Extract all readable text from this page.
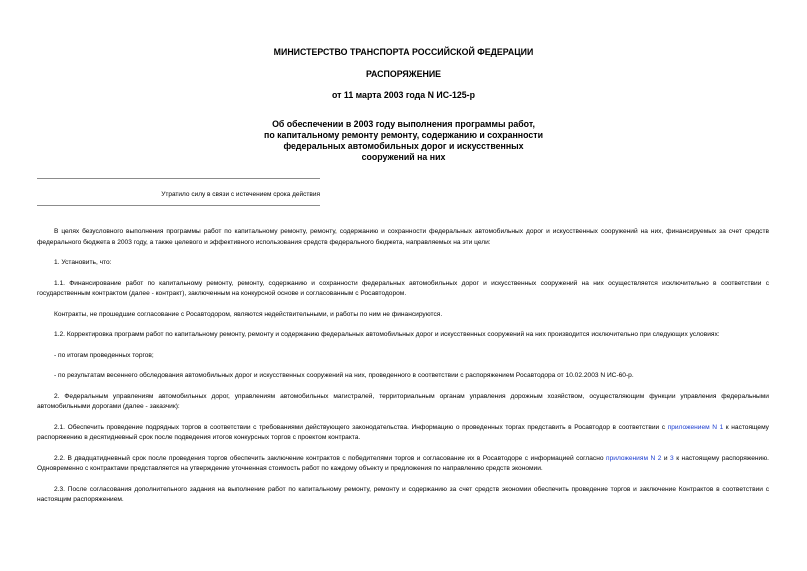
МИНИСТЕРСТВО ТРАНСПОРТА РОССИЙСКОЙ ФЕДЕРАЦИИ
РАСПОРЯЖЕНИЕ
от 11 марта 2003 года N ИС-125-р
Об обеспечении в 2003 году выполнения программы работ,
по капитальному ремонту ремонту, содержанию и сохранности
федеральных автомобильных дорог и искусственных
сооружений на них
Утратило силу в связи с истечением срока действия

В целях безусловного выполнения программы работ по капитальному ремонту, ремонту, содержанию и сохранности федеральных автомобильных дорог и искусственных сооружений на них, финансируемых за счет средств федерального бюджета в 2003 году, а также целевого и эффективного использования средств федерального бюджета, направляемых на эти цели:

1. Установить, что:

1.1. Финансирование работ по капитальному ремонту, ремонту, содержанию и сохранности федеральных автомобильных дорог и искусственных сооружений на них осуществляется исключительно в соответствии с государственным контрактом (далее - контракт), заключенным на конкурсной основе и согласованным с Росавтодором.

Контракты, не прошедшие согласование с Росавтодором, являются недействительными, и работы по ним не финансируются.

1.2. Корректировка программ работ по капитальному ремонту, ремонту и содержанию федеральных автомобильных дорог и искусственных сооружений на них производится исключительно при следующих условиях:

- по итогам проведенных торгов;

- по результатам весеннего обследования автомобильных дорог и искусственных сооружений на них, проведенного в соответствии с распоряжением Росавтодора от 10.02.2003 N ИС-60-р.

2. Федеральным управлениям автомобильных дорог, управлениям автомобильных магистралей, территориальным органам управления дорожным хозяйством, осуществляющим функции управления федеральными автомобильными дорогами (далее - заказчик):

2.1. Обеспечить проведение подрядных торгов в соответствии с требованиями действующего законодательства. Информацию о проведенных торгах представить в Росавтодор в соответствии с приложением N 1 к настоящему распоряжению в десятидневный срок после подведения итогов конкурсных торгов с проектом контракта.

2.2. В двадцатидневный срок после проведения торгов обеспечить заключение контрактов с победителями торгов и согласование их в Росавтодоре с информацией согласно приложениям N 2 и 3 к настоящему распоряжению. Одновременно с контрактами представляется на утверждение уточненная стоимость работ по каждому объекту и предложения по направлению средств экономии.

2.3. После согласования дополнительного задания на выполнение работ по капитальному ремонту, ремонту и содержанию за счет средств экономии обеспечить проведение торгов и заключение Контрактов в соответствии с настоящим распоряжением.
